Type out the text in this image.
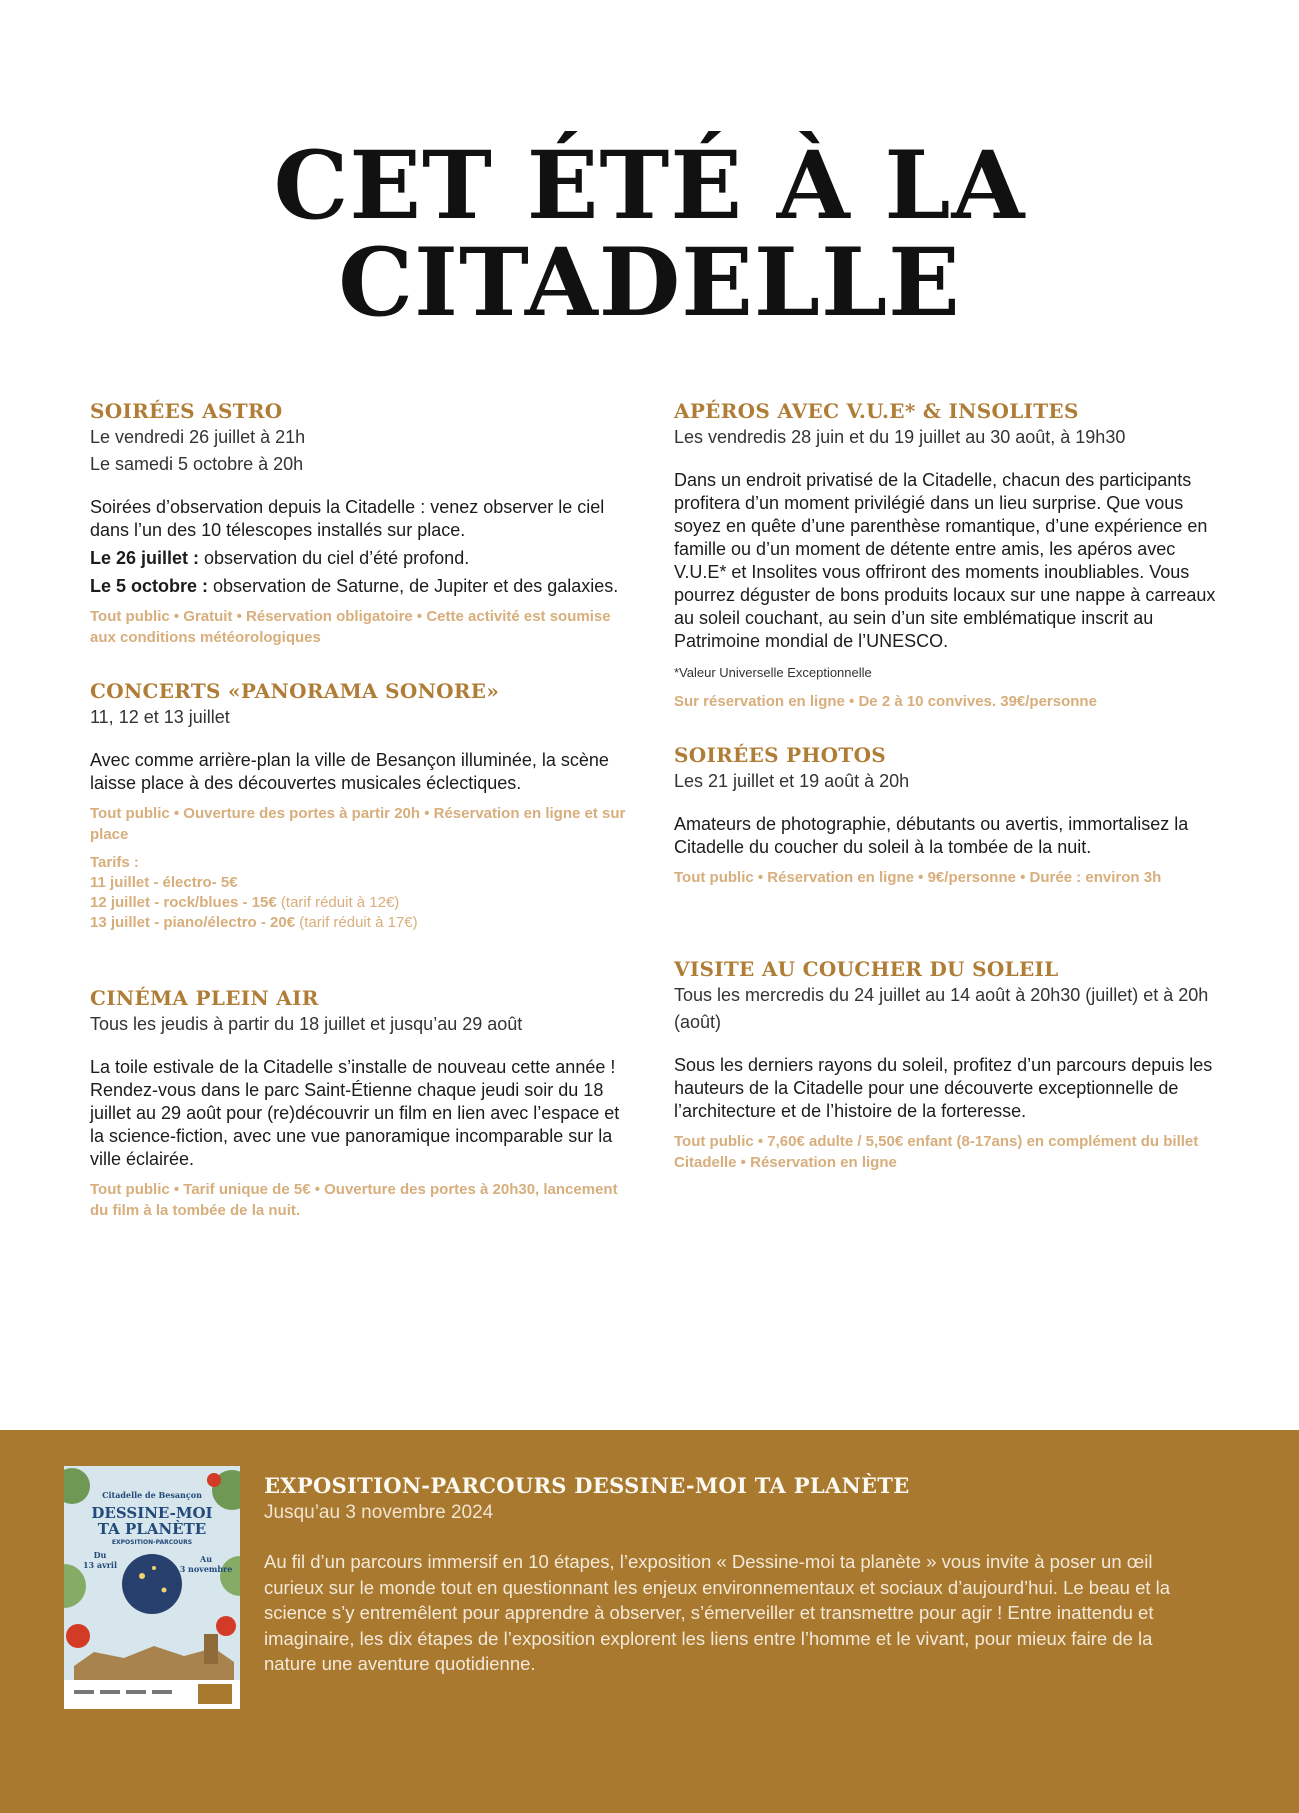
CET ÉTÉ À LA
CITADELLE
SOIRÉES ASTRO

Le vendredi 26 juillet à 21h

Le samedi 5 octobre à 20h

Soirées d’observation depuis la Citadelle : venez observer le ciel dans l’un des 10 télescopes installés sur place.

Le 26 juillet : observation du ciel d’été profond.

Le 5 octobre : observation de Saturne, de Jupiter et des galaxies.

Tout public • Gratuit • Réservation obligatoire • Cette activité est soumise aux conditions météorologiques

CONCERTS «PANORAMA SONORE»

11, 12 et 13 juillet

Avec comme arrière-plan la ville de Besançon illuminée, la scène laisse place à des découvertes musicales éclectiques.

Tout public • Ouverture des portes à partir 20h • Réservation en ligne et sur place

Tarifs :
11 juillet - électro- 5€
12 juillet - rock/blues - 15€ (tarif réduit à 12€)
13 juillet - piano/électro - 20€ (tarif réduit à 17€)
CINÉMA PLEIN AIR

Tous les jeudis à partir du 18 juillet et jusqu’au 29 août

La toile estivale de la Citadelle s’installe de nouveau cette année ! Rendez-vous dans le parc Saint-Étienne chaque jeudi soir du 18 juillet au 29 août pour (re)découvrir un film en lien avec l’espace et la science-fiction, avec une vue panoramique incomparable sur la ville éclairée.

Tout public • Tarif unique de 5€ • Ouverture des portes à 20h30, lancement du film à la tombée de la nuit.

APÉROS AVEC V.U.E* & INSOLITES

Les vendredis 28 juin et du 19 juillet au 30 août, à 19h30

Dans un endroit privatisé de la Citadelle, chacun des participants profitera d’un moment privilégié dans un lieu surprise. Que vous soyez en quête d’une parenthèse romantique, d’une expérience en famille ou d’un moment de détente entre amis, les apéros avec V.U.E* et Insolites vous offriront des moments inoubliables. Vous pourrez déguster de bons produits locaux sur une nappe à carreaux au soleil couchant, au sein d’un site emblématique inscrit au Patrimoine mondial de l’UNESCO.

*Valeur Universelle Exceptionnelle

Sur réservation en ligne • De 2 à 10 convives. 39€/personne

SOIRÉES PHOTOS

Les 21 juillet et 19 août à 20h

Amateurs de photographie, débutants ou avertis, immortalisez la Citadelle du coucher du soleil à la tombée de la nuit.

Tout public • Réservation en ligne • 9€/personne • Durée : environ 3h

VISITE AU COUCHER DU SOLEIL

Tous les mercredis du 24 juillet au 14 août à 20h30 (juillet) et à 20h (août)

Sous les derniers rayons du soleil, profitez d’un parcours depuis les hauteurs de la Citadelle pour une découverte exceptionnelle de l’architecture et de l’histoire de la forteresse.

Tout public • 7,60€ adulte / 5,50€ enfant (8-17ans) en complément du billet Citadelle • Réservation en ligne

Citadelle de Besançon
DESSINE-MOI
TA PLANÈTE
EXPOSITION-PARCOURS
Du
13 avril
Au
3 novembre
EXPOSITION-PARCOURS DESSINE-MOI TA PLANÈTE

Jusqu’au 3 novembre 2024

Au fil d’un parcours immersif en 10 étapes, l’exposition « Dessine-moi ta planète » vous invite à poser un œil curieux sur le monde tout en questionnant les enjeux environnementaux et sociaux d’aujourd’hui. Le beau et la science s’y entremêlent pour apprendre à observer, s’émerveiller et transmettre pour agir ! Entre inattendu et imaginaire, les dix étapes de l’exposition explorent les liens entre l’homme et le vivant, pour mieux faire de la nature une aventure quotidienne.
